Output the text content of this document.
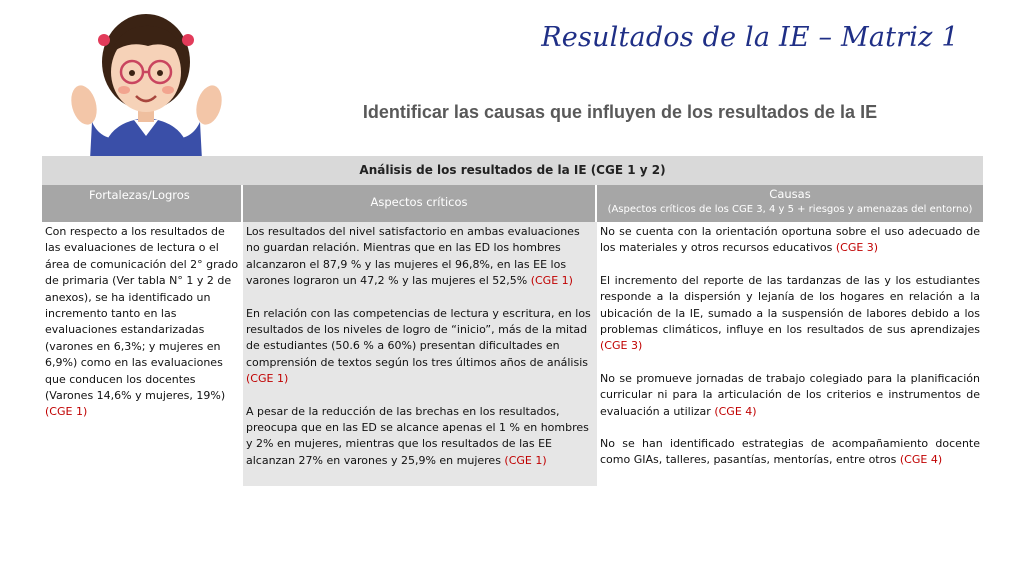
Resultados de la IE – Matriz 1
Identificar las causas que influyen de los resultados de la IE
Análisis de los resultados de la IE (CGE 1 y 2)
Fortalezas/Logros	Aspectos críticos
Causas
(Aspectos críticos de los CGE 3, 4 y 5 + riesgos y amenazas del entorno)

Con respecto a los resultados de las evaluaciones de lectura o el área de comunicación del 2° grado de primaria (Ver tabla N° 1 y 2 de anexos), se ha identificado un incremento tanto en las evaluaciones estandarizadas (varones en 6,3%; y mujeres en 6,9%) como en las evaluaciones que conducen los docentes (Varones 14,6% y mujeres, 19%) (CGE 1)

Los resultados del nivel satisfactorio en ambas evaluaciones no guardan relación. Mientras que en las ED los hombres alcanzaron el 87,9 % y las mujeres el 96,8%, en las EE los varones lograron un 47,2 % y las mujeres el 52,5% (CGE 1)

En relación con las competencias de lectura y escritura, en los resultados de los niveles de logro de “inicio”, más de la mitad de estudiantes (50.6 % a 60%) presentan dificultades en comprensión de textos según los tres últimos años de análisis (CGE 1)

A pesar de la reducción de las brechas en los resultados, preocupa que en las ED se alcance apenas el 1 % en hombres y 2% en mujeres, mientras que los resultados de las EE alcanzan 27% en varones y 25,9% en mujeres (CGE 1)

No se cuenta con la orientación oportuna sobre el uso adecuado de los materiales y otros recursos educativos (CGE 3)

El incremento del reporte de las tardanzas de las y los estudiantes responde a la dispersión y lejanía de los hogares en relación a la ubicación de la IE, sumado a la suspensión de labores debido a los problemas climáticos, influye en los resultados de sus aprendizajes (CGE 3)

No se promueve jornadas de trabajo colegiado para la planificación curricular ni para la articulación de los criterios e instrumentos de evaluación a utilizar (CGE 4)

No se han identificado estrategias de acompañamiento docente como GIAs, talleres, pasantías, mentorías, entre otros (CGE 4)
